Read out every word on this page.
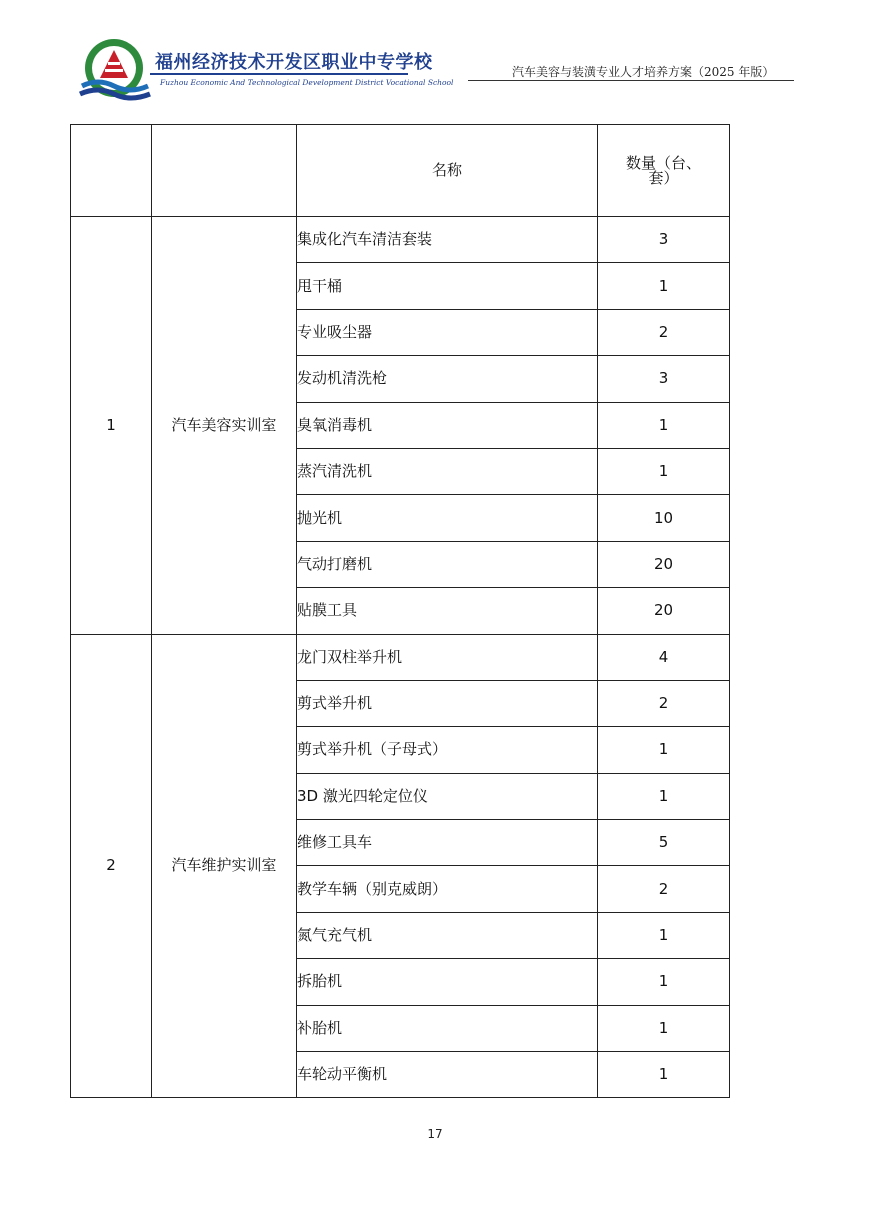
福州经济技术开发区职业中专学校
Fuzhou Economic And Technological Development District Vocational School
汽车美容与装潢专业人才培养方案（2025 年版）
		名称	数量（台、
套）
1	汽车美容实训室	集成化汽车清洁套装	3
		甩干桶	1
		专业吸尘器	2
		发动机清洗枪	3
		臭氧消毒机	1
		蒸汽清洗机	1
		抛光机	10
		气动打磨机	20
		贴膜工具	20
2	汽车维护实训室	龙门双柱举升机	4
		剪式举升机	2
		剪式举升机（子母式）	1
		3D 激光四轮定位仪	1
		维修工具车	5
		教学车辆（别克威朗）	2
		氮气充气机	1
		拆胎机	1
		补胎机	1
		车轮动平衡机	1
17
